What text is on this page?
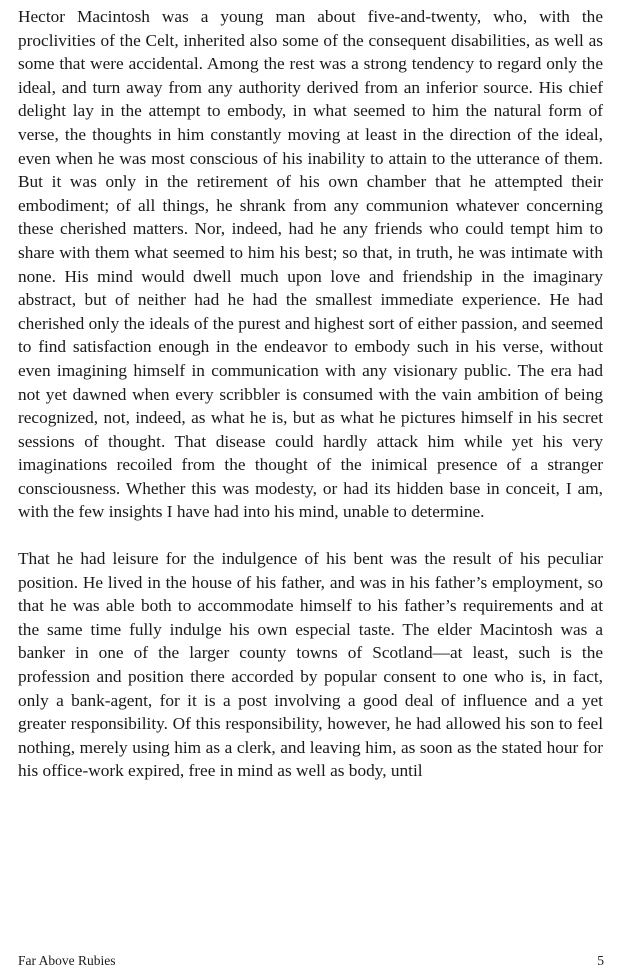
Hector Macintosh was a young man about five-and-twenty, who, with the proclivities of the Celt, inherited also some of the consequent disabilities, as well as some that were accidental. Among the rest was a strong tendency to regard only the ideal, and turn away from any authority derived from an inferior source. His chief delight lay in the attempt to embody, in what seemed to him the natural form of verse, the thoughts in him constantly moving at least in the direction of the ideal, even when he was most conscious of his inability to attain to the utterance of them. But it was only in the retirement of his own chamber that he attempted their embodiment; of all things, he shrank from any communion whatever concerning these cherished matters. Nor, indeed, had he any friends who could tempt him to share with them what seemed to him his best; so that, in truth, he was intimate with none. His mind would dwell much upon love and friendship in the imaginary abstract, but of neither had he had the smallest immediate experience. He had cherished only the ideals of the purest and highest sort of either passion, and seemed to find satisfaction enough in the endeavor to embody such in his verse, without even imagining himself in communication with any visionary public. The era had not yet dawned when every scribbler is consumed with the vain ambition of being recognized, not, indeed, as what he is, but as what he pictures himself in his secret sessions of thought. That disease could hardly attack him while yet his very imaginations recoiled from the thought of the inimical presence of a stranger consciousness. Whether this was modesty, or had its hidden base in conceit, I am, with the few insights I have had into his mind, unable to determine.

That he had leisure for the indulgence of his bent was the result of his peculiar position. He lived in the house of his father, and was in his father’s employment, so that he was able both to accommodate himself to his father’s requirements and at the same time fully indulge his own especial taste. The elder Macintosh was a banker in one of the larger county towns of Scotland—at least, such is the profession and position there accorded by popular consent to one who is, in fact, only a bank-agent, for it is a post involving a good deal of influence and a yet greater responsibility. Of this responsibility, however, he had allowed his son to feel nothing, merely using him as a clerk, and leaving him, as soon as the stated hour for his office-work expired, free in mind as well as body, until

Far Above Rubies	5
